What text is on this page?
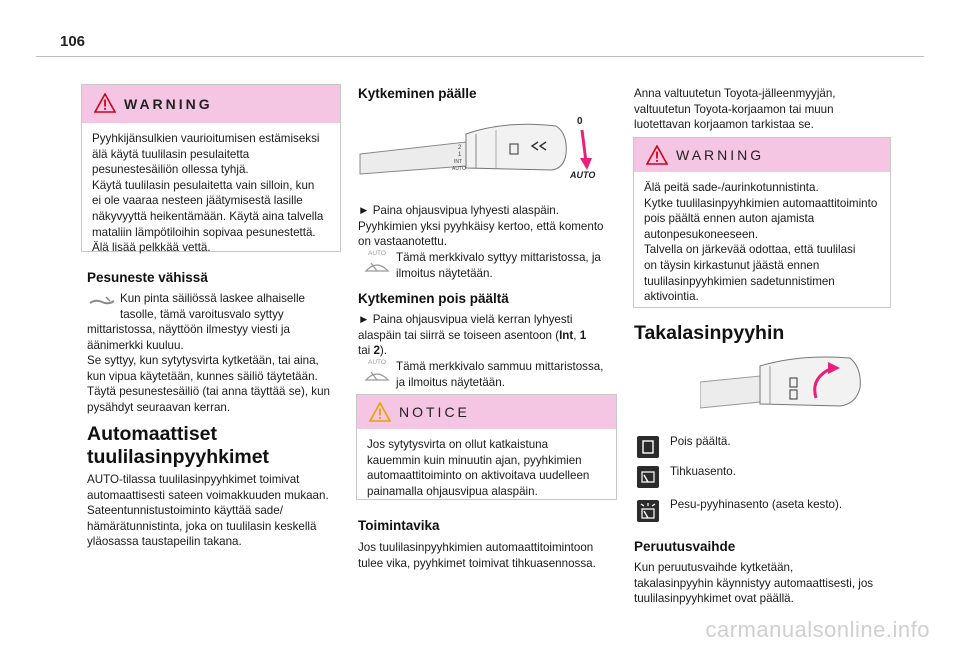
106
WARNING
Pyyhkijänsulkien vaurioitumisen estämiseksi
älä käytä tuulilasin pesulaitetta
pesunestesäiliön ollessa tyhjä.
Käytä tuulilasin pesulaitetta vain silloin, kun
ei ole vaaraa nesteen jäätymisestä lasille
näkyvyyttä heikentämään. Käytä aina talvella
mataliin lämpötiloihin sopivaa pesunestettä.
Älä lisää pelkkää vettä.
Pesuneste vähissä
Kun pinta säiliössä laskee alhaiselle
tasolle, tämä varoitusvalo syttyy
mittaristossa, näyttöön ilmestyy viesti ja
äänimerkki kuuluu.
Se syttyy, kun sytytysvirta kytketään, tai aina,
kun vipua käytetään, kunnes säiliö täytetään.
Täytä pesunestesäiliö (tai anna täyttää se), kun
pysähdyt seuraavan kerran.
Automaattiset
tuulilasinpyyhkimet
AUTO-tilassa tuulilasinpyyhkimet toimivat
automaattisesti sateen voimakkuuden mukaan.
Sateentunnistustoiminto käyttää sade/
hämärätunnistinta, joka on tuulilasin keskellä
yläosassa taustapeilin takana.
Kytkeminen päälle
2
1
INT
AUTO
0
AUTO
► Paina ohjausvipua lyhyesti alaspäin.
Pyyhkimien yksi pyyhkäisy kertoo, että komento
on vastaanotettu.
AUTO Tämä merkkivalo syttyy mittaristossa, ja
ilmoitus näytetään.
Kytkeminen pois päältä
► Paina ohjausvipua vielä kerran lyhyesti
alaspäin tai siirrä se toiseen asentoon (Int, 1
tai 2).
AUTO Tämä merkkivalo sammuu mittaristossa,
ja ilmoitus näytetään.
NOTICE
Jos sytytysvirta on ollut katkaistuna
kauemmin kuin minuutin ajan, pyyhkimien
automaattitoiminto on aktivoitava uudelleen
painamalla ohjausvipua alaspäin.
Toimintavika
Jos tuulilasinpyyhkimien automaattitoimintoon
tulee vika, pyyhkimet toimivat tihkuasennossa.
Anna valtuutetun Toyota-jälleenmyyjän,
valtuutetun Toyota-korjaamon tai muun
luotettavan korjaamon tarkistaa se.
WARNING
Älä peitä sade-/aurinkotunnistinta.
Kytke tuulilasinpyyhkimien automaattitoiminto
pois päältä ennen auton ajamista
autonpesukoneeseen.
Talvella on järkevää odottaa, että tuulilasi
on täysin kirkastunut jäästä ennen
tuulilasinpyyhkimien sadetunnistimen
aktivointia.
Takalasinpyyhin
Pois päältä.
Tihkuasento.
Pesu-pyyhinasento (aseta kesto).
Peruutusvaihde
Kun peruutusvaihde kytketään,
takalasinpyyhin käynnistyy automaattisesti, jos
tuulilasinpyyhkimet ovat päällä.
carmanualsonline.info
